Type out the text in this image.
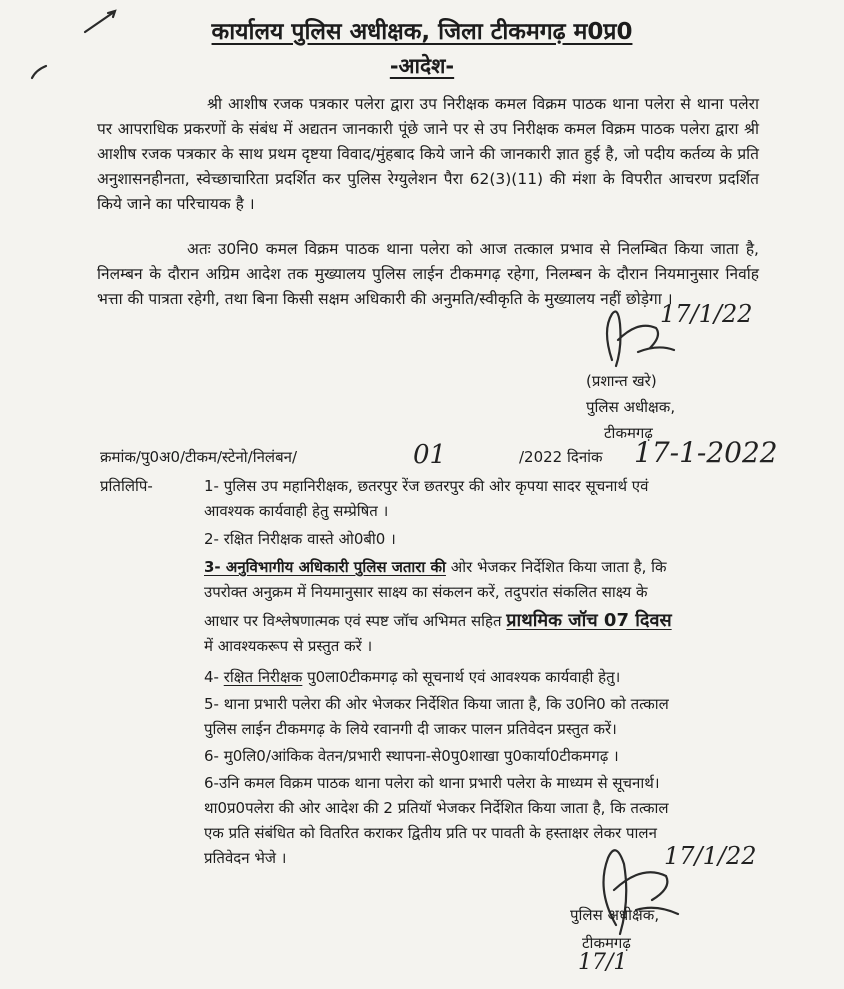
कार्यालय पुलिस अधीक्षक, जिला टीकमगढ़ म0प्र0
-आदेश-
श्री आशीष रजक पत्रकार पलेरा द्वारा उप निरीक्षक कमल विक्रम पाठक थाना पलेरा से थाना पलेरा पर आपराधिक प्रकरणों के संबंध में अद्यतन जानकारी पूंछे जाने पर से उप निरीक्षक कमल विक्रम पाठक पलेरा द्वारा श्री आशीष रजक पत्रकार के साथ प्रथम दृष्टया विवाद/मुंहबाद किये जाने की जानकारी ज्ञात हुई है, जो पदीय कर्तव्य के प्रति अनुशासनहीनता, स्वेच्छाचारिता प्रदर्शित कर पुलिस रेग्युलेशन पैरा 62(3)(11) की मंशा के विपरीत आचरण प्रदर्शित किये जाने का परिचायक है ।
अतः उ0नि0 कमल विक्रम पाठक थाना पलेरा को आज तत्काल प्रभाव से निलम्बित किया जाता है, निलम्बन के दौरान अग्रिम आदेश तक मुख्यालय पुलिस लाईन टीकमगढ़ रहेगा, निलम्बन के दौरान नियमानुसार निर्वाह भत्ता की पात्रता रहेगी, तथा बिना किसी सक्षम अधिकारी की अनुमति/स्वीकृति के मुख्यालय नहीं छोड़ेगा ।
17/1/22
(प्रशान्त खरे)
पुलिस अधीक्षक,
टीकमगढ़
क्रमांक/पु0अ0/टीकम/स्टेनो/निलंबन/	01	/2022 दिनांक 17-1-2022
प्रतिलिपि-	1- पुलिस उप महानिरीक्षक, छतरपुर रेंज छतरपुर की ओर कृपया सादर सूचनार्थ एवं
आवश्यक कार्यवाही हेतु सम्प्रेषित ।
2- रक्षित निरीक्षक वास्ते ओ0बी0 ।
3- अनुविभागीय अधिकारी पुलिस जतारा की ओर भेजकर निर्देशित किया जाता है, कि
उपरोक्त अनुक्रम में नियमानुसार साक्ष्य का संकलन करें, तदुपरांत संकलित साक्ष्य के
आधार पर विश्लेषणात्मक एवं स्पष्ट जॉच अभिमत सहित प्राथमिक जॉच 07 दिवस
में आवश्यकरूप से प्रस्तुत करें ।
4- रक्षित निरीक्षक पु0ला0टीकमगढ़ को सूचनार्थ एवं आवश्यक कार्यवाही हेतु।
5- थाना प्रभारी पलेरा की ओर भेजकर निर्देशित किया जाता है, कि उ0नि0 को तत्काल
पुलिस लाईन टीकमगढ़ के लिये रवानगी दी जाकर पालन प्रतिवेदन प्रस्तुत करें।
6- मु0लि0/आंकिक वेतन/प्रभारी स्थापना-से0पु0शाखा पु0कार्या0टीकमगढ़ ।
6-उनि कमल विक्रम पाठक थाना पलेरा को थाना प्रभारी पलेरा के माध्यम से सूचनार्थ।
था0प्र0पलेरा की ओर आदेश की 2 प्रतियॉ भेजकर निर्देशित किया जाता है, कि तत्काल
एक प्रति संबंधित को वितरित कराकर द्वितीय प्रति पर पावती के हस्ताक्षर लेकर पालन
प्रतिवेदन भेजे ।	17/1/22
पुलिस अधीक्षक,
टीकमगढ़
17/1
